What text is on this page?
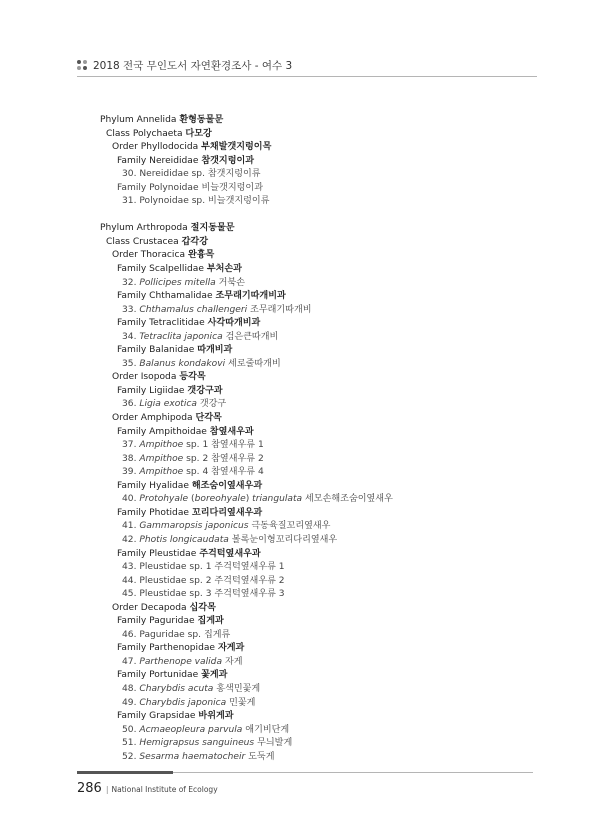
2018 전국 무인도서 자연환경조사 - 여수 3
Phylum Annelida 환형동물문
Class Polychaeta 다모강
Order Phyllodocida 부채발갯지렁이목
Family Nereididae 참갯지렁이과
30. Nereididae sp. 참갯지렁이류
Family Polynoidae 비늘갯지렁이과
31. Polynoidae sp. 비늘갯지렁이류
Phylum Arthropoda 절지동물문
Class Crustacea 갑각강
Order Thoracica 완흉목
Family Scalpellidae 부처손과
32. Pollicipes mitella 거북손
Family Chthamalidae 조무래기따개비과
33. Chthamalus challengeri 조무래기따개비
Family Tetraclitidae 사각따개비과
34. Tetraclita japonica 검은큰따개비
Family Balanidae 따개비과
35. Balanus kondakovi 세로줄따개비
Order Isopoda 등각목
Family Ligiidae 갯강구과
36. Ligia exotica 갯강구
Order Amphipoda 단각목
Family Ampithoidae 참옆새우과
37. Ampithoe sp. 1 참옆새우류 1
38. Ampithoe sp. 2 참옆새우류 2
39. Ampithoe sp. 4 참옆새우류 4
Family Hyalidae 해조숨이옆새우과
40. Protohyale (boreohyale) triangulata 세모손해조숨이옆새우
Family Photidae 꼬리다리옆새우과
41. Gammaropsis japonicus 극동육질꼬리옆새우
42. Photis longicaudata 볼록눈이형꼬리다리옆새우
Family Pleustidae 주걱턱옆새우과
43. Pleustidae sp. 1 주걱턱옆새우류 1
44. Pleustidae sp. 2 주걱턱옆새우류 2
45. Pleustidae sp. 3 주걱턱옆새우류 3
Order Decapoda 십각목
Family Paguridae 집게과
46. Paguridae sp. 집게류
Family Parthenopidae 자게과
47. Parthenope valida 자게
Family Portunidae 꽃게과
48. Charybdis acuta 홍색민꽃게
49. Charybdis japonica 민꽃게
Family Grapsidae 바위게과
50. Acmaeopleura parvula 애기비단게
51. Hemigrapsus sanguineus 무늬발게
52. Sesarma haematocheir 도둑게
286 | National Institute of Ecology
